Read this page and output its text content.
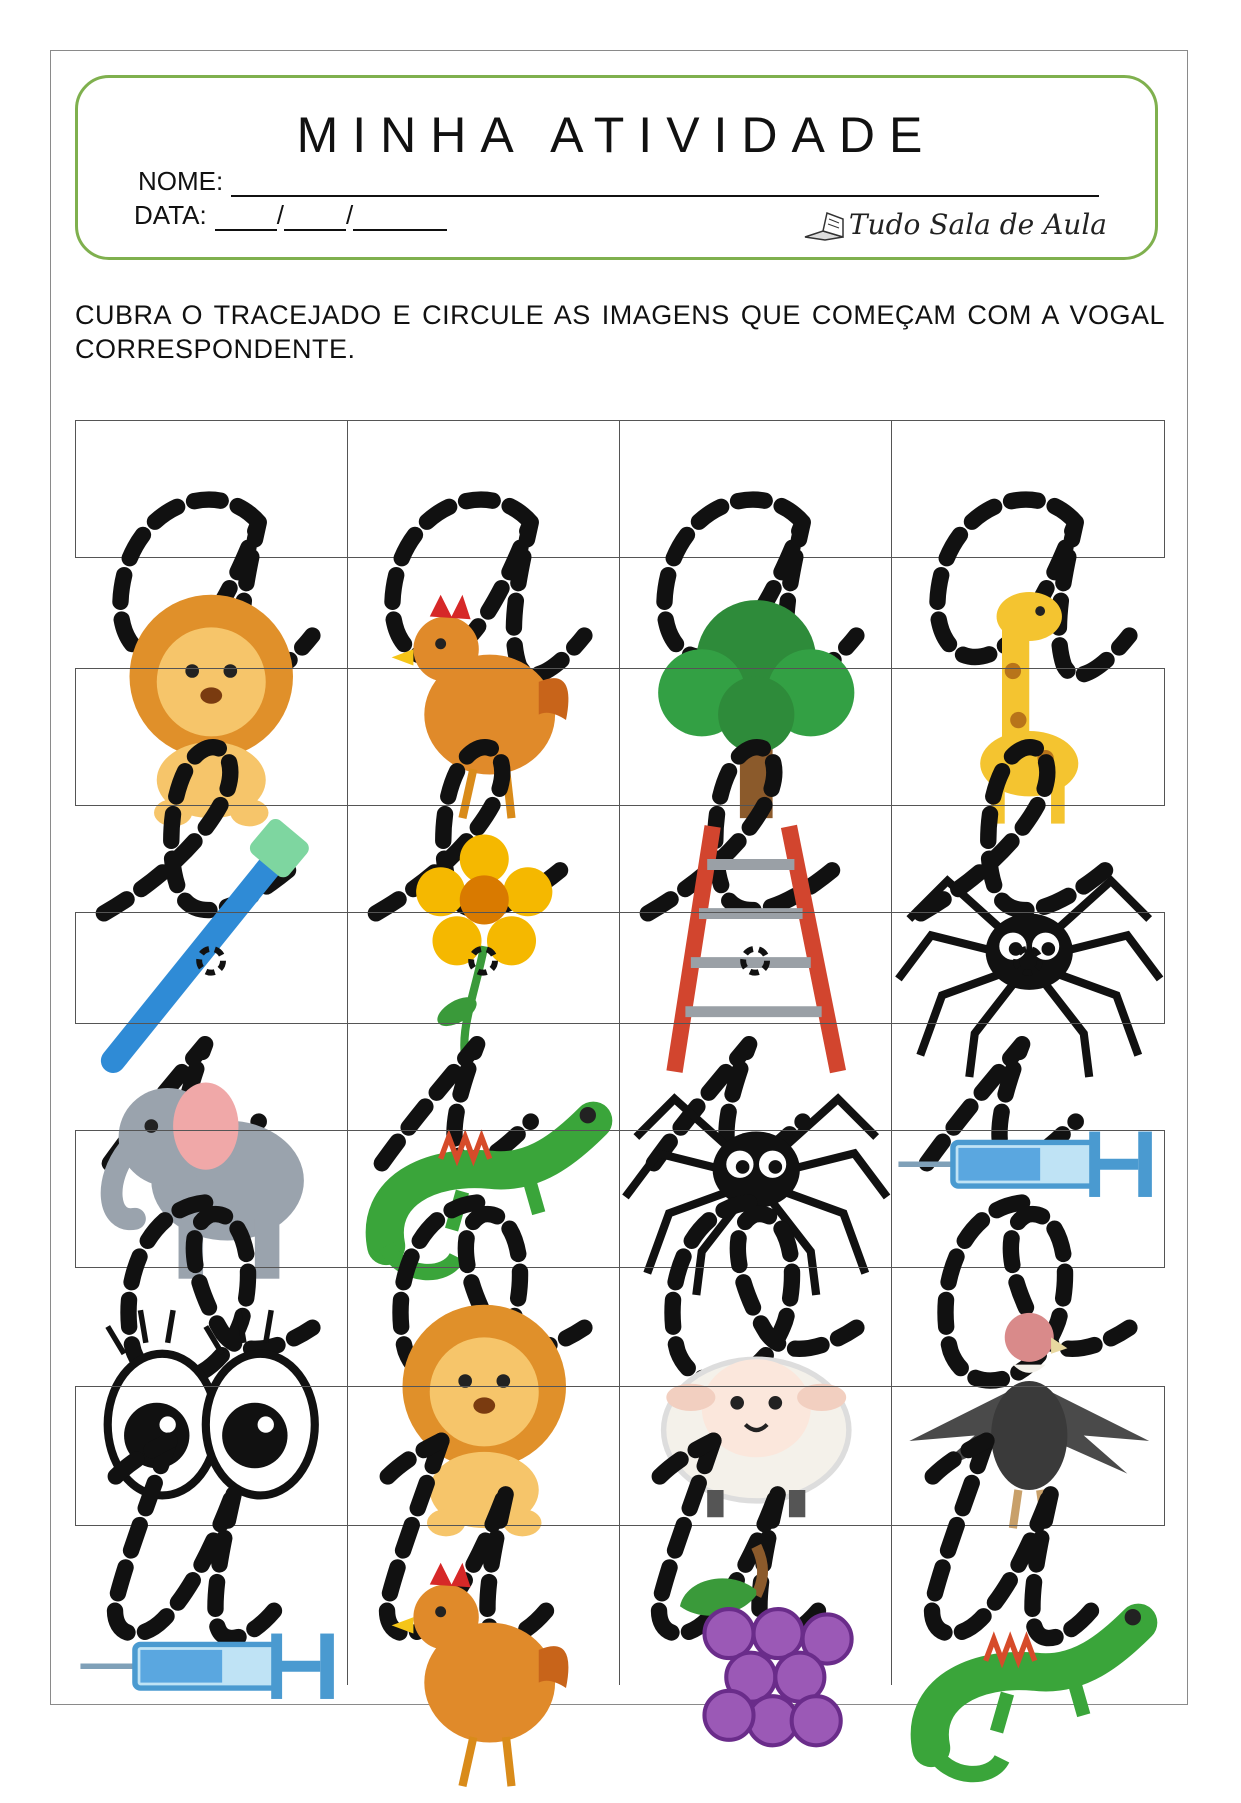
MINHA ATIVIDADE
NOME:
DATA:	/ /	Tudo Sala de Aula

CUBRA O TRACEJADO E CIRCULE AS IMAGENS QUE COMEÇAM COM A VOGAL CORRESPONDENTE.
